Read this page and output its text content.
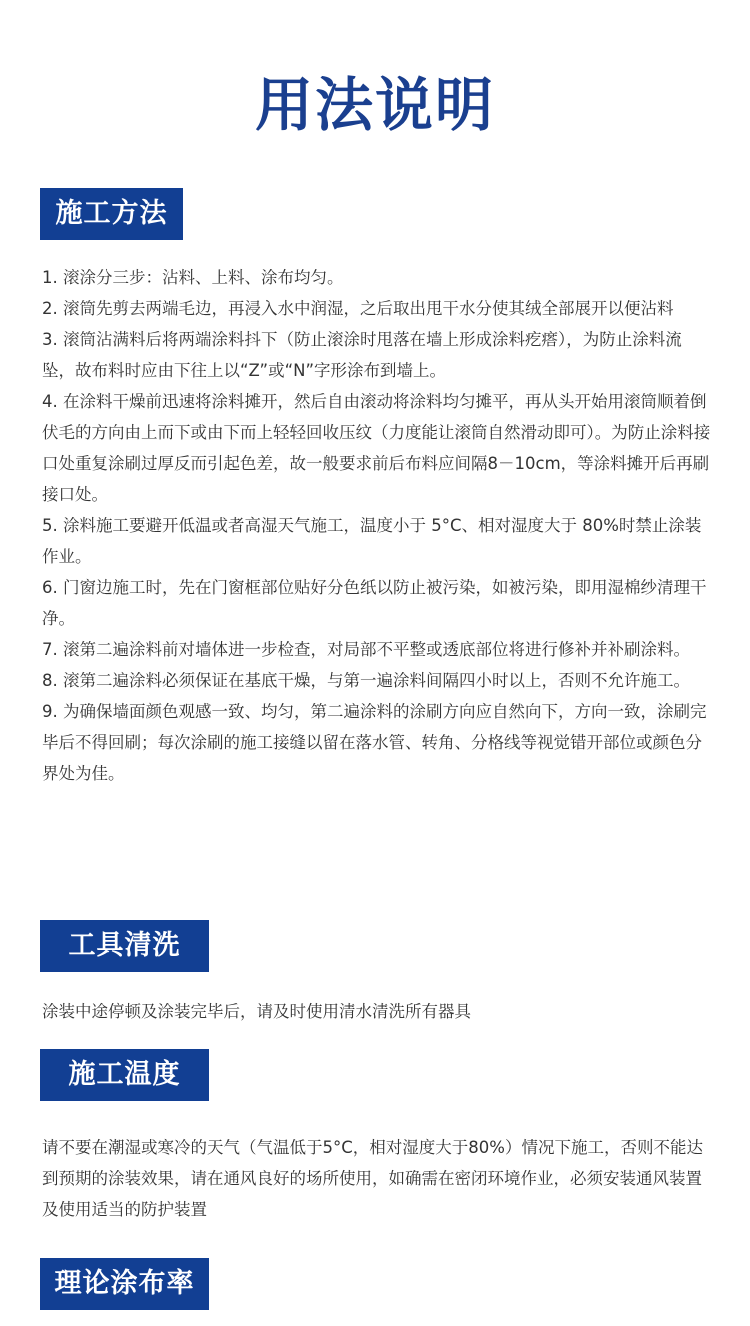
用法说明
施工方法
1. 滚涂分三步：沾料、上料、涂布均匀。
2. 滚筒先剪去两端毛边，再浸入水中润湿，之后取出甩干水分使其绒全部展开以便沾料
3. 滚筒沾满料后将两端涂料抖下（防止滚涂时甩落在墙上形成涂料疙瘩），为防止涂料流坠，故布料时应由下往上以“Z”或“N”字形涂布到墙上。
4. 在涂料干燥前迅速将涂料摊开，然后自由滚动将涂料均匀摊平，再从头开始用滚筒顺着倒伏毛的方向由上而下或由下而上轻轻回收压纹（力度能让滚筒自然滑动即可）。为防止涂料接口处重复涂刷过厚反而引起色差，故一般要求前后布料应间隔8－10cm，等涂料摊开后再刷接口处。
5. 涂料施工要避开低温或者高湿天气施工，温度小于 5°C、相对湿度大于 80%时禁止涂装作业。
6. 门窗边施工时，先在门窗框部位贴好分色纸以防止被污染，如被污染，即用湿棉纱清理干净。
7. 滚第二遍涂料前对墙体进一步检查，对局部不平整或透底部位将进行修补并补刷涂料。
8. 滚第二遍涂料必须保证在基底干燥，与第一遍涂料间隔四小时以上，否则不允许施工。
9. 为确保墙面颜色观感一致、均匀，第二遍涂料的涂刷方向应自然向下，方向一致，涂刷完毕后不得回刷；每次涂刷的施工接缝以留在落水管、转角、分格线等视觉错开部位或颜色分界处为佳。
工具清洗

涂装中途停顿及涂装完毕后，请及时使用清水清洗所有器具

施工温度

请不要在潮湿或寒冷的天气（气温低于5°C，相对湿度大于80%）情况下施工，否则不能达到预期的涂装效果，请在通风良好的场所使用，如确需在密闭环境作业，必须安装通风装置及使用适当的防护装置

理论涂布率
